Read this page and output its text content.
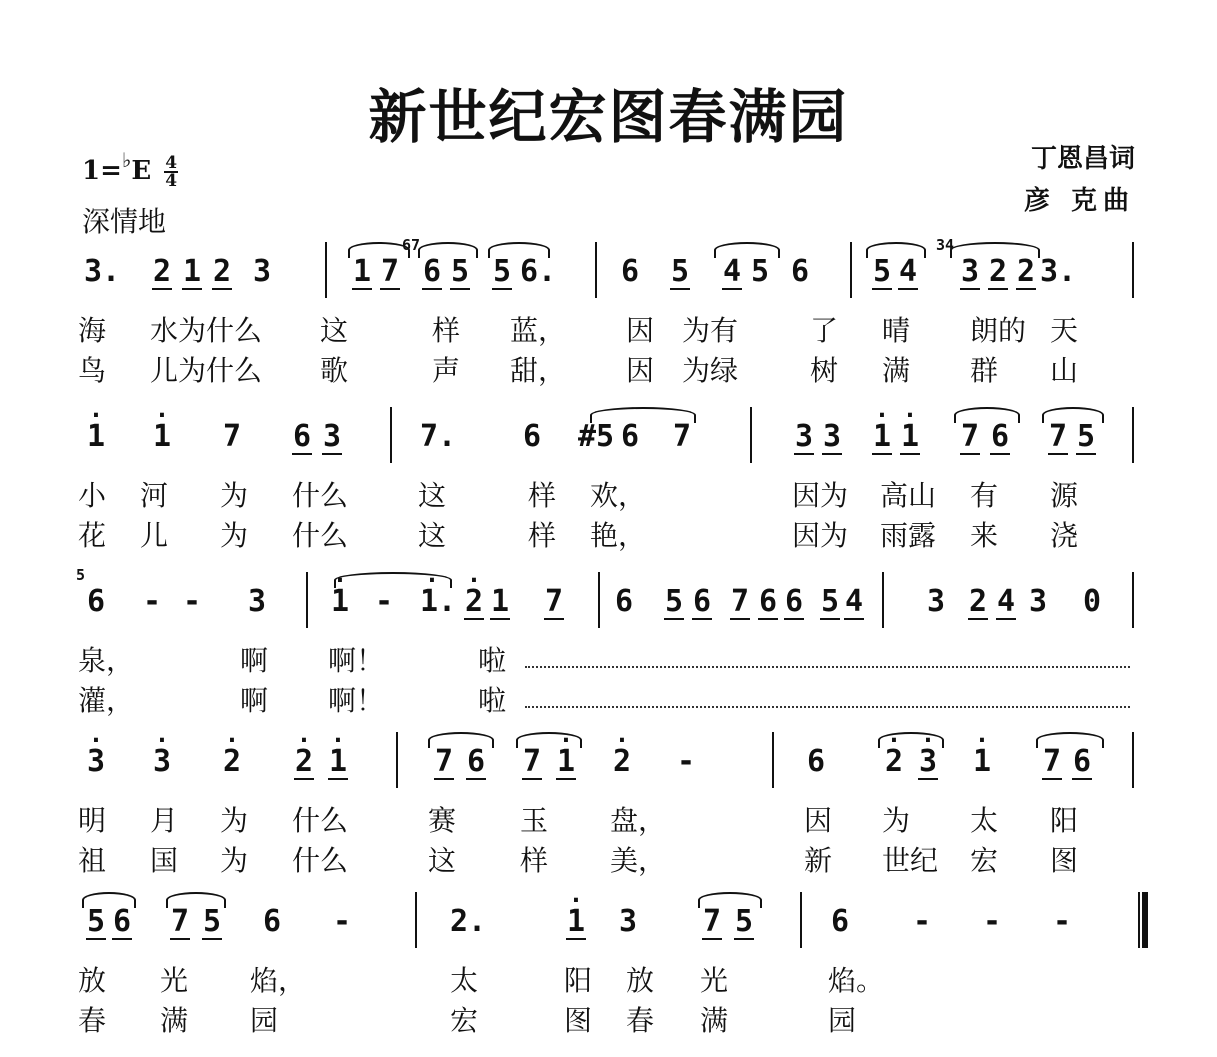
新世纪宏图春满园
$1=^♭E \frac{4}{4}$
深情地
丁恩昌词
彦 克曲
3. 2 1 2 3	1 7 6 5 5 6. 6 5 4 5 6 5 4 3 2 2 3.
67	34
海 水为什么 这	样 蓝， 因 为有	了 晴 朗的 天
鸟 儿为什么 歌	声 甜， 因 为绿	树 满 群 山
· 1 · 1 7 6 3	7. 6 #5 6 7	3 3 · 1 · 1 7 6 7 5
小 河 为 什么 这	样 欢，	因为 高山 有 源
花 儿 为 什么 这	样 艳，	因为 雨露 来 浇
6 - - 3 · 1 - · 1. · 2 1 7 6 5 6 7 6 6 5 4 3 2 4 3 0
5
泉，	啊 啊！	啦
灌，	啊 啊！	啦
· 3 · 3 · 2 · 2 · 1	7 6 7 · 1 · 2 -	6 · 2 · 3 · 1 7 6
明 月 为 什么	赛 玉 盘，	因 为 太 阳
祖 国 为 什么	这 样 美，	新 世纪 宏 图
5 6 7 5 6 -	2.	· 1 3 7 5	6 - - -
放 光 焰，	太	阳 放 光	焰。
春 满 园	宏	图 春 满	园
